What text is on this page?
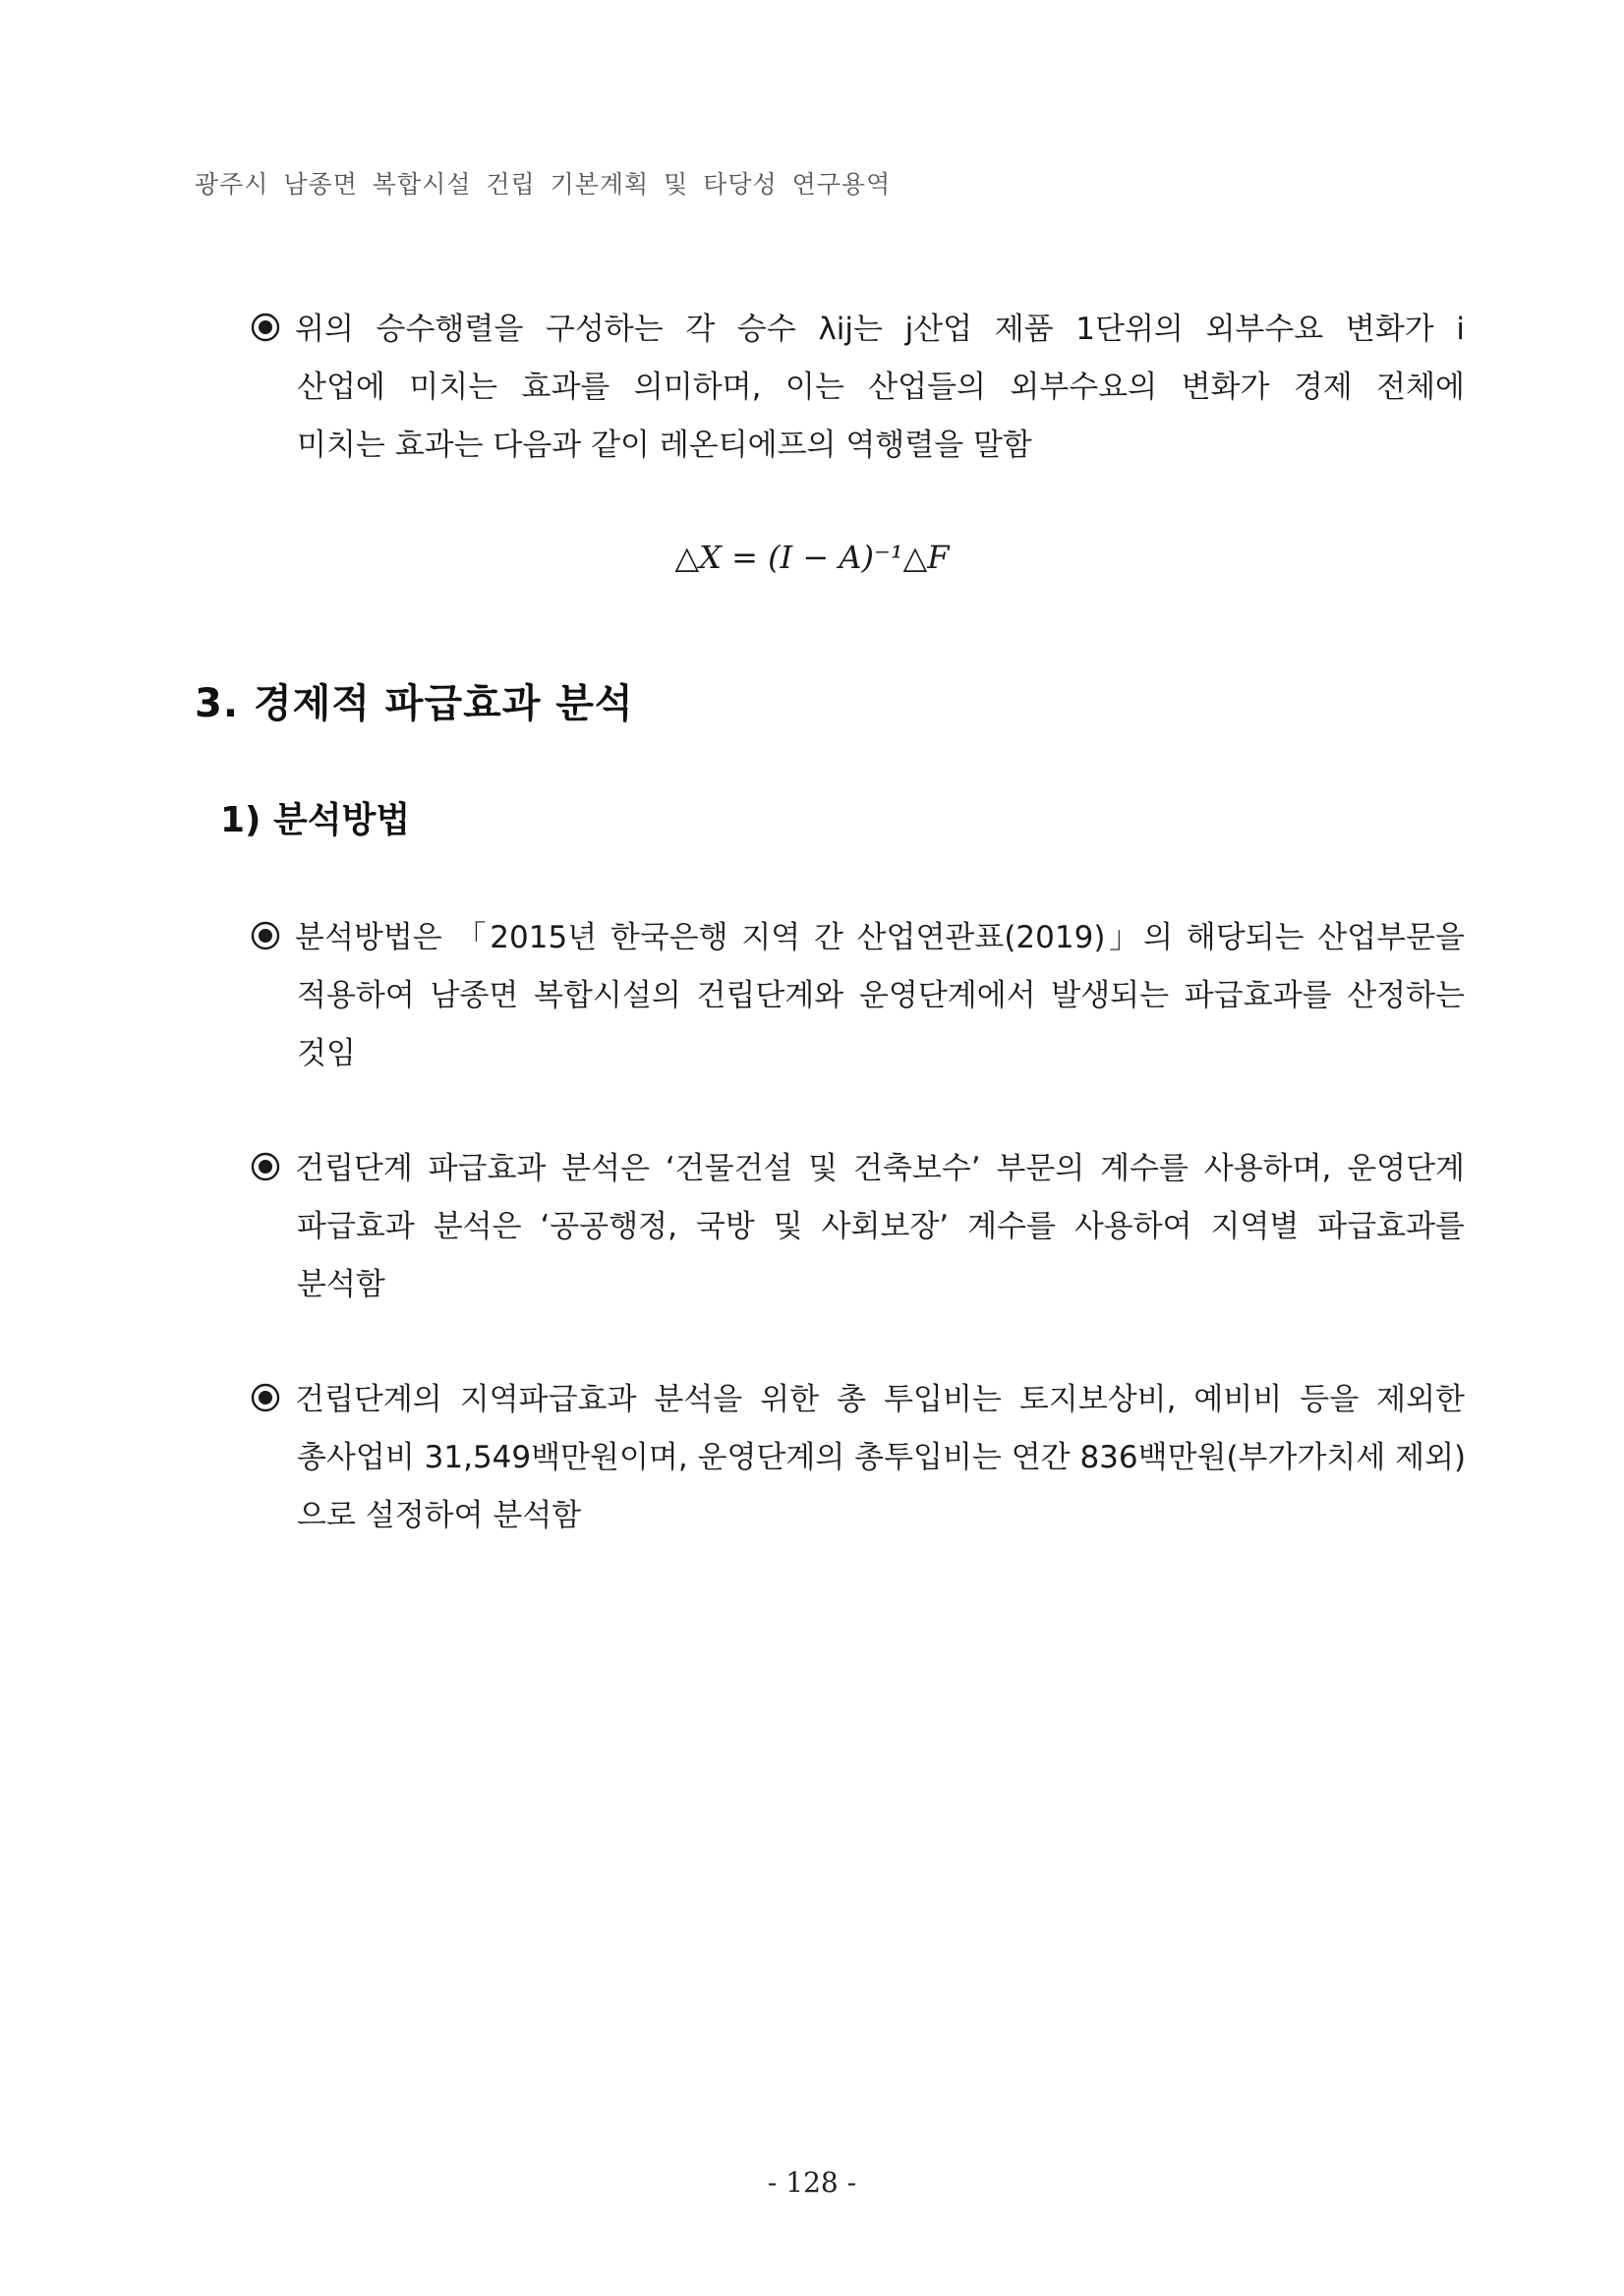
광주시 남종면 복합시설 건립 기본계획 및 타당성 연구용역
위의 승수행렬을 구성하는 각 승수 λij는 j산업 제품 1단위의 외부수요 변화가 i
산업에 미치는 효과를 의미하며, 이는 산업들의 외부수요의 변화가 경제 전체에
미치는 효과는 다음과 같이 레온티에프의 역행렬을 말함
△X = (I − A)⁻¹△F
3. 경제적 파급효과 분석
1) 분석방법
분석방법은 「2015년 한국은행 지역 간 산업연관표(2019)」의 해당되는 산업부문을
적용하여 남종면 복합시설의 건립단계와 운영단계에서 발생되는 파급효과를 산정하는
것임
건립단계 파급효과 분석은 ‘건물건설 및 건축보수’ 부문의 계수를 사용하며, 운영단계
파급효과 분석은 ‘공공행정, 국방 및 사회보장’ 계수를 사용하여 지역별 파급효과를
분석함
건립단계의 지역파급효과 분석을 위한 총 투입비는 토지보상비, 예비비 등을 제외한
총사업비 31,549백만원이며, 운영단계의 총투입비는 연간 836백만원(부가가치세 제외)
으로 설정하여 분석함
- 128 -
